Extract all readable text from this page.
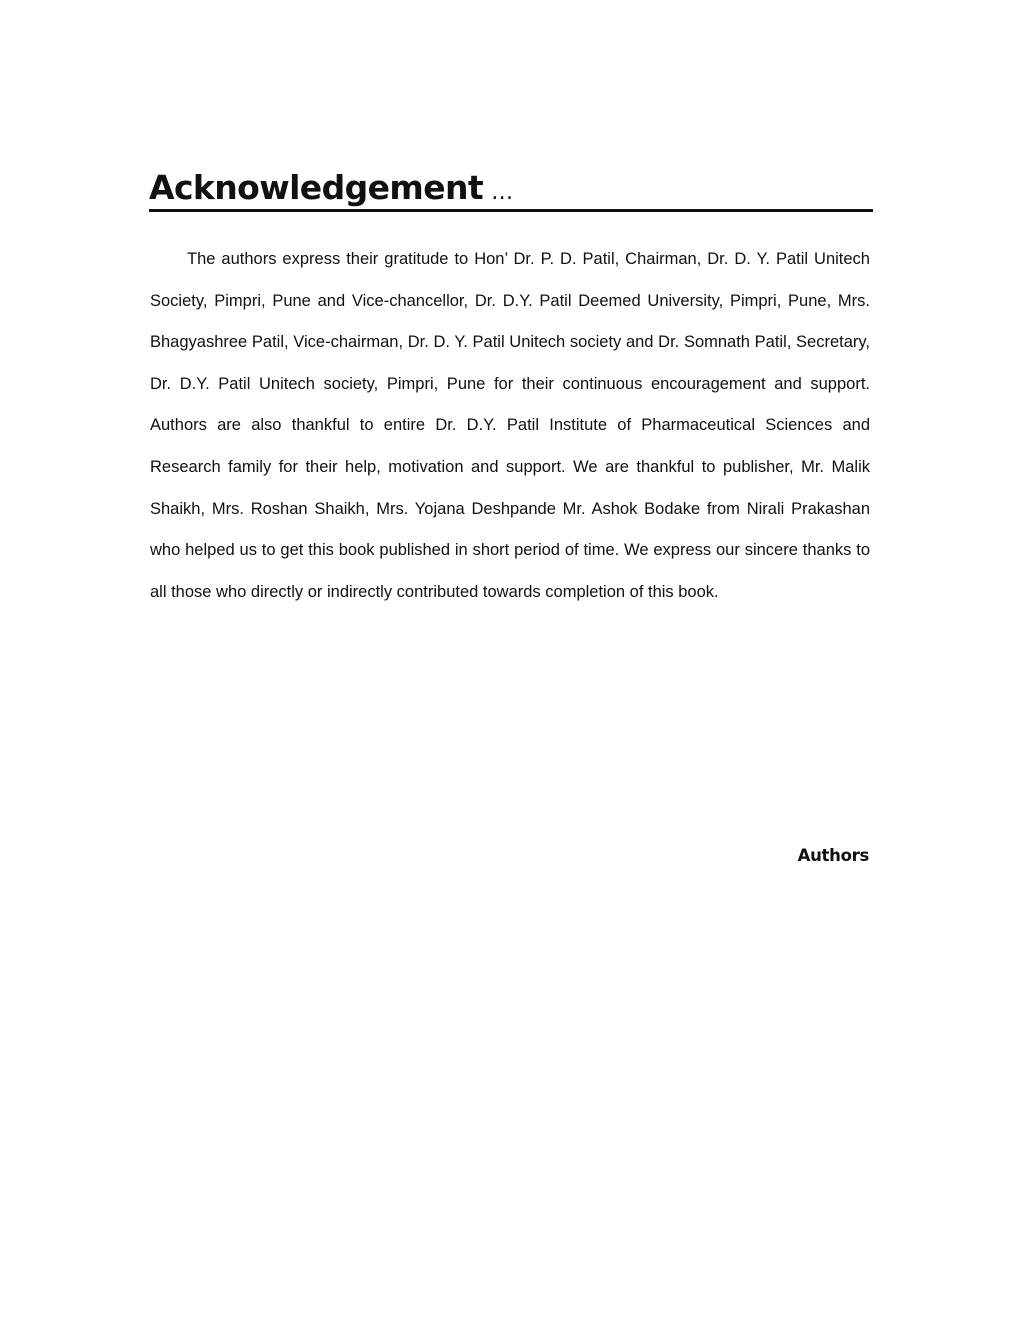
Acknowledgement …

The authors express their gratitude to Hon’ Dr. P. D. Patil, Chairman, Dr. D. Y. Patil Unitech Society, Pimpri, Pune and Vice-chancellor, Dr. D.Y. Patil Deemed University, Pimpri, Pune, Mrs. Bhagyashree Patil, Vice-chairman, Dr. D. Y. Patil Unitech society and Dr. Somnath Patil, Secretary, Dr. D.Y. Patil Unitech society, Pimpri, Pune for their continuous encouragement and support. Authors are also thankful to entire Dr. D.Y. Patil Institute of Pharmaceutical Sciences and Research family for their help, motivation and support. We are thankful to publisher, Mr. Malik Shaikh, Mrs. Roshan Shaikh, Mrs. Yojana Deshpande Mr. Ashok Bodake from Nirali Prakashan who helped us to get this book published in short period of time. We express our sincere thanks to all those who directly or indirectly contributed towards completion of this book.

Authors
